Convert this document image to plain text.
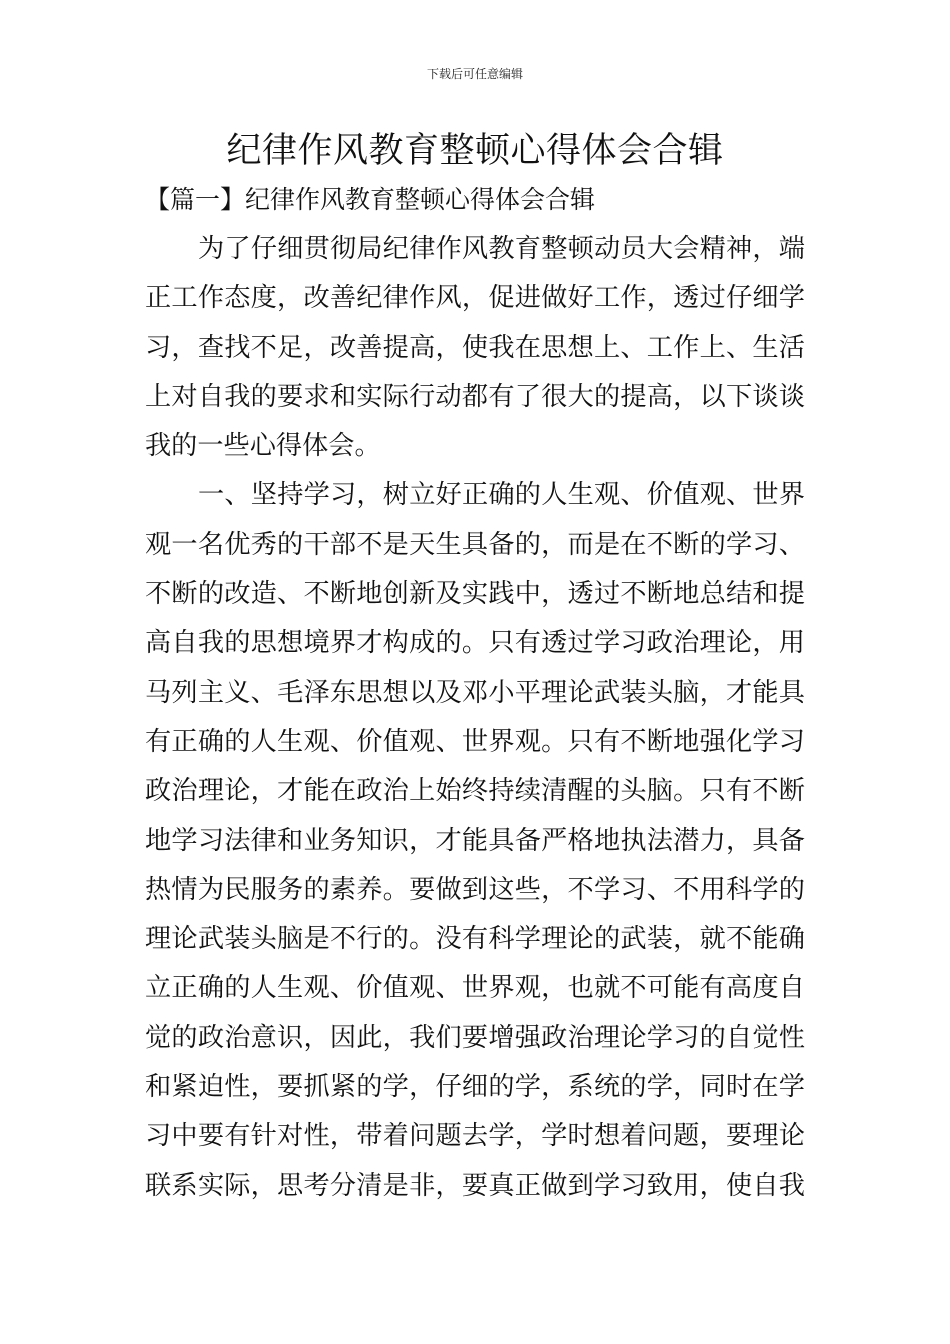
下载后可任意编辑
纪律作风教育整顿心得体会合辑
【篇一】纪律作风教育整顿心得体会合辑
为了仔细贯彻局纪律作风教育整顿动员大会精神，端
正工作态度，改善纪律作风，促进做好工作，透过仔细学
习，查找不足，改善提高，使我在思想上、工作上、生活
上对自我的要求和实际行动都有了很大的提高，以下谈谈
我的一些心得体会。
一、坚持学习，树立好正确的人生观、价值观、世界
观一名优秀的干部不是天生具备的，而是在不断的学习、
不断的改造、不断地创新及实践中，透过不断地总结和提
高自我的思想境界才构成的。只有透过学习政治理论，用
马列主义、毛泽东思想以及邓小平理论武装头脑，才能具
有正确的人生观、价值观、世界观。只有不断地强化学习
政治理论，才能在政治上始终持续清醒的头脑。只有不断
地学习法律和业务知识，才能具备严格地执法潜力，具备
热情为民服务的素养。要做到这些，不学习、不用科学的
理论武装头脑是不行的。没有科学理论的武装，就不能确
立正确的人生观、价值观、世界观，也就不可能有高度自
觉的政治意识，因此，我们要增强政治理论学习的自觉性
和紧迫性，要抓紧的学，仔细的学，系统的学，同时在学
习中要有针对性，带着问题去学，学时想着问题，要理论
联系实际，思考分清是非，要真正做到学习致用，使自我
